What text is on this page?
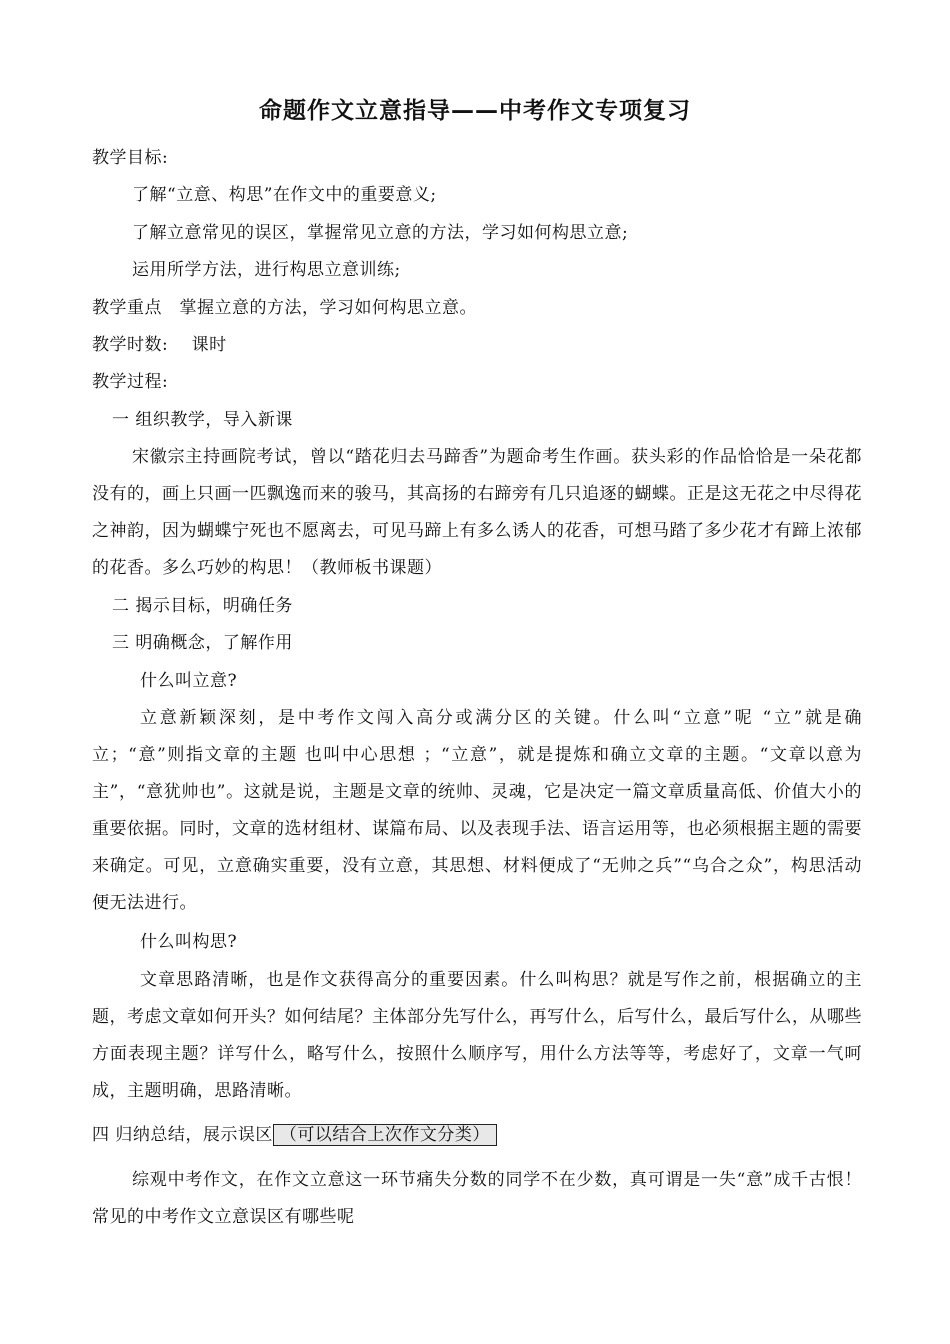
命题作文立意指导——中考作文专项复习
教学目标:
了解“立意、构思”在作文中的重要意义;
了解立意常见的误区，掌握常见立意的方法，学习如何构思立意;
运用所学方法，进行构思立意训练;
教学重点　掌握立意的方法，学习如何构思立意。
教学时数:　 课时
教学过程:
一 组织教学，导入新课
宋徽宗主持画院考试，曾以“踏花归去马蹄香”为题命考生作画。获头彩的作品恰恰是一朵花都没有的，画上只画一匹飘逸而来的骏马，其高扬的右蹄旁有几只追逐的蝴蝶。正是这无花之中尽得花之神韵，因为蝴蝶宁死也不愿离去，可见马蹄上有多么诱人的花香，可想马踏了多少花才有蹄上浓郁的花香。多么巧妙的构思！（教师板书课题）
二 揭示目标，明确任务
三 明确概念，了解作用
什么叫立意?
立意新颖深刻，是中考作文闯入高分或满分区的关键。什么叫“立意”呢 “立”就是确立；“意”则指文章的主题 也叫中心思想 ；“立意”，就是提炼和确立文章的主题。“文章以意为主”，“意犹帅也”。这就是说，主题是文章的统帅、灵魂，它是决定一篇文章质量高低、价值大小的重要依据。同时，文章的选材组材、谋篇布局、以及表现手法、语言运用等，也必须根据主题的需要来确定。可见，立意确实重要，没有立意，其思想、材料便成了“无帅之兵”“乌合之众”，构思活动便无法进行。
什么叫构思?
文章思路清晰，也是作文获得高分的重要因素。什么叫构思？就是写作之前，根据确立的主题，考虑文章如何开头？如何结尾？主体部分先写什么，再写什么，后写什么，最后写什么，从哪些方面表现主题？详写什么，略写什么，按照什么顺序写，用什么方法等等，考虑好了，文章一气呵成，主题明确，思路清晰。
四 归纳总结，展示误区 （可以结合上次作文分类）
综观中考作文，在作文立意这一环节痛失分数的同学不在少数，真可谓是一失“意”成千古恨！常见的中考作文立意误区有哪些呢
